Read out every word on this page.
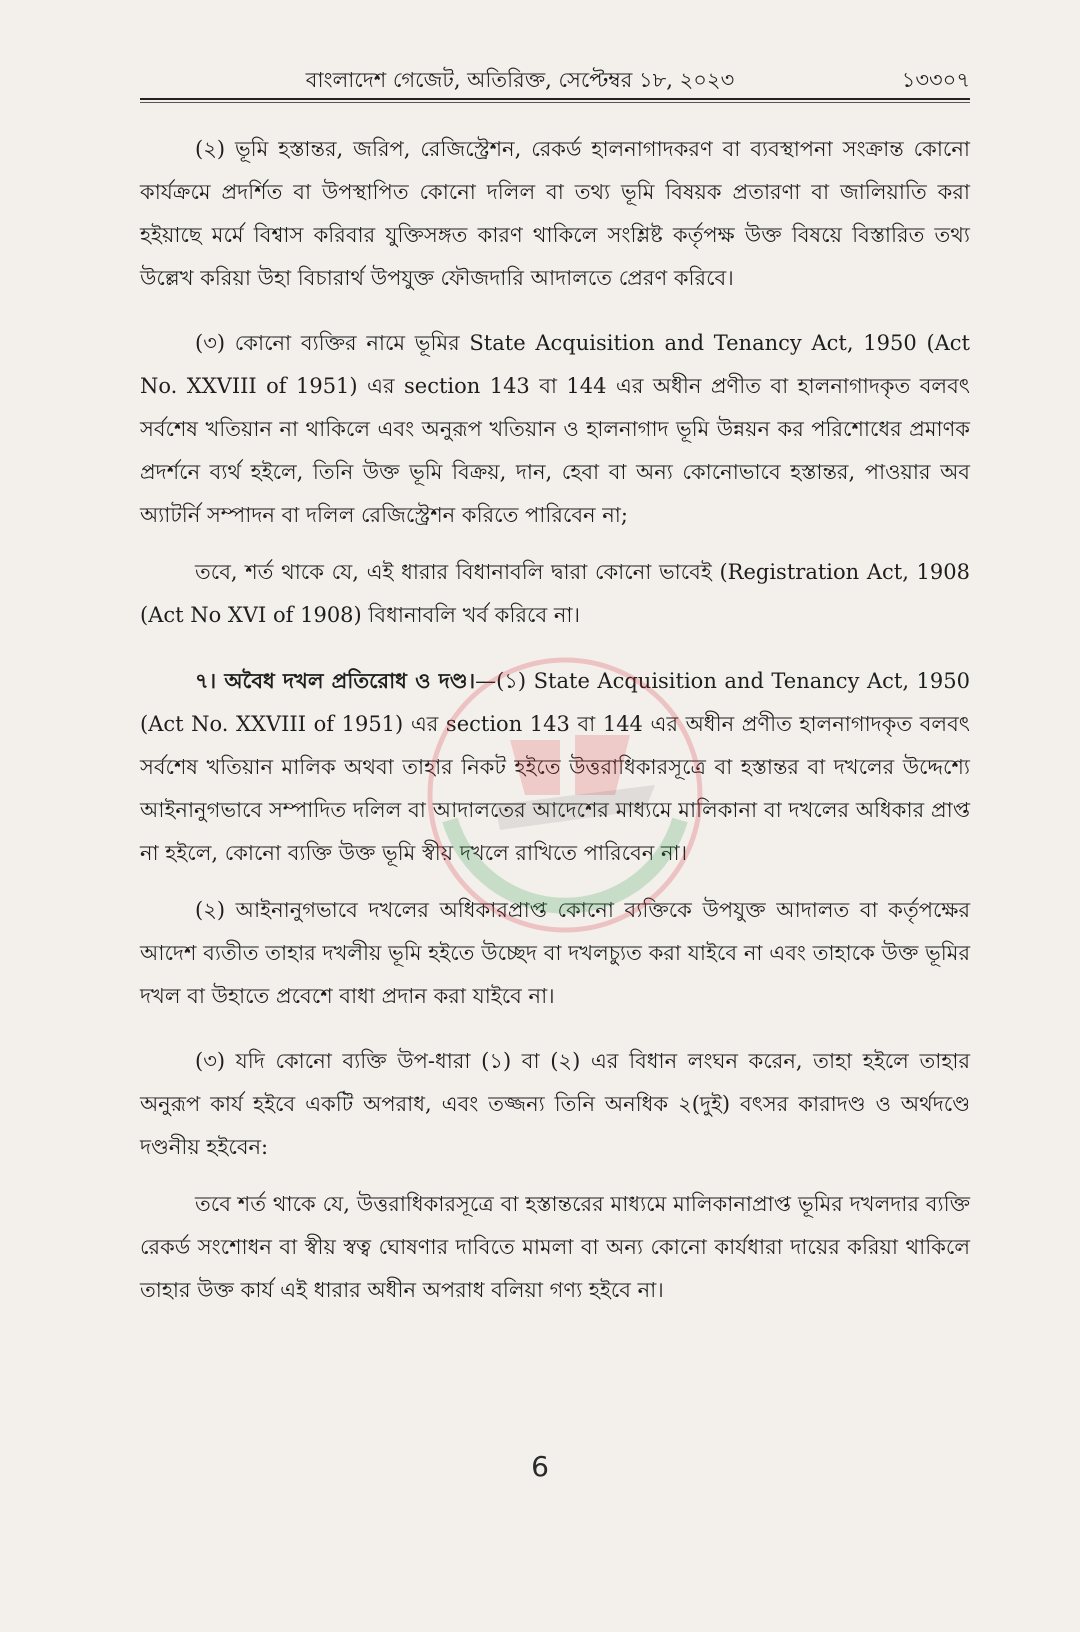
বাংলাদেশ গেজেট, অতিরিক্ত, সেপ্টেম্বর ১৮, ২০২৩	১৩৩০৭

(২) ভূমি হস্তান্তর, জরিপ, রেজিস্ট্রেশন, রেকর্ড হালনাগাদকরণ বা ব্যবস্থাপনা সংক্রান্ত কোনো কার্যক্রমে প্রদর্শিত বা উপস্থাপিত কোনো দলিল বা তথ্য ভূমি বিষয়ক প্রতারণা বা জালিয়াতি করা হইয়াছে মর্মে বিশ্বাস করিবার যুক্তিসঙ্গত কারণ থাকিলে সংশ্লিষ্ট কর্তৃপক্ষ উক্ত বিষয়ে বিস্তারিত তথ্য উল্লেখ করিয়া উহা বিচারার্থ উপযুক্ত ফৌজদারি আদালতে প্রেরণ করিবে।

(৩) কোনো ব্যক্তির নামে ভূমির State Acquisition and Tenancy Act, 1950 (Act No. XXVIII of 1951) এর section 143 বা 144 এর অধীন প্রণীত বা হালনাগাদকৃত বলবৎ সর্বশেষ খতিয়ান না থাকিলে এবং অনুরূপ খতিয়ান ও হালনাগাদ ভূমি উন্নয়ন কর পরিশোধের প্রমাণক প্রদর্শনে ব্যর্থ হইলে, তিনি উক্ত ভূমি বিক্রয়, দান, হেবা বা অন্য কোনোভাবে হস্তান্তর, পাওয়ার অব অ্যাটর্নি সম্পাদন বা দলিল রেজিস্ট্রেশন করিতে পারিবেন না;

তবে, শর্ত থাকে যে, এই ধারার বিধানাবলি দ্বারা কোনো ভাবেই (Registration Act, 1908 (Act No XVI of 1908) বিধানাবলি খর্ব করিবে না।

৭। অবৈধ দখল প্রতিরোধ ও দণ্ড।—(১) State Acquisition and Tenancy Act, 1950 (Act No. XXVIII of 1951) এর section 143 বা 144 এর অধীন প্রণীত হালনাগাদকৃত বলবৎ সর্বশেষ খতিয়ান মালিক অথবা তাহার নিকট হইতে উত্তরাধিকারসূত্রে বা হস্তান্তর বা দখলের উদ্দেশ্যে আইনানুগভাবে সম্পাদিত দলিল বা আদালতের আদেশের মাধ্যমে মালিকানা বা দখলের অধিকার প্রাপ্ত না হইলে, কোনো ব্যক্তি উক্ত ভূমি স্বীয় দখলে রাখিতে পারিবেন না।

(২) আইনানুগভাবে দখলের অধিকারপ্রাপ্ত কোনো ব্যক্তিকে উপযুক্ত আদালত বা কর্তৃপক্ষের আদেশ ব্যতীত তাহার দখলীয় ভূমি হইতে উচ্ছেদ বা দখলচ্যুত করা যাইবে না এবং তাহাকে উক্ত ভূমির দখল বা উহাতে প্রবেশে বাধা প্রদান করা যাইবে না।

(৩) যদি কোনো ব্যক্তি উপ-ধারা (১) বা (২) এর বিধান লংঘন করেন, তাহা হইলে তাহার অনুরূপ কার্য হইবে একটি অপরাধ, এবং তজ্জন্য তিনি অনধিক ২(দুই) বৎসর কারাদণ্ড ও অর্থদণ্ডে দণ্ডনীয় হইবেন:

তবে শর্ত থাকে যে, উত্তরাধিকারসূত্রে বা হস্তান্তরের মাধ্যমে মালিকানাপ্রাপ্ত ভূমির দখলদার ব্যক্তি রেকর্ড সংশোধন বা স্বীয় স্বত্ব ঘোষণার দাবিতে মামলা বা অন্য কোনো কার্যধারা দায়ের করিয়া থাকিলে তাহার উক্ত কার্য এই ধারার অধীন অপরাধ বলিয়া গণ্য হইবে না।

6
